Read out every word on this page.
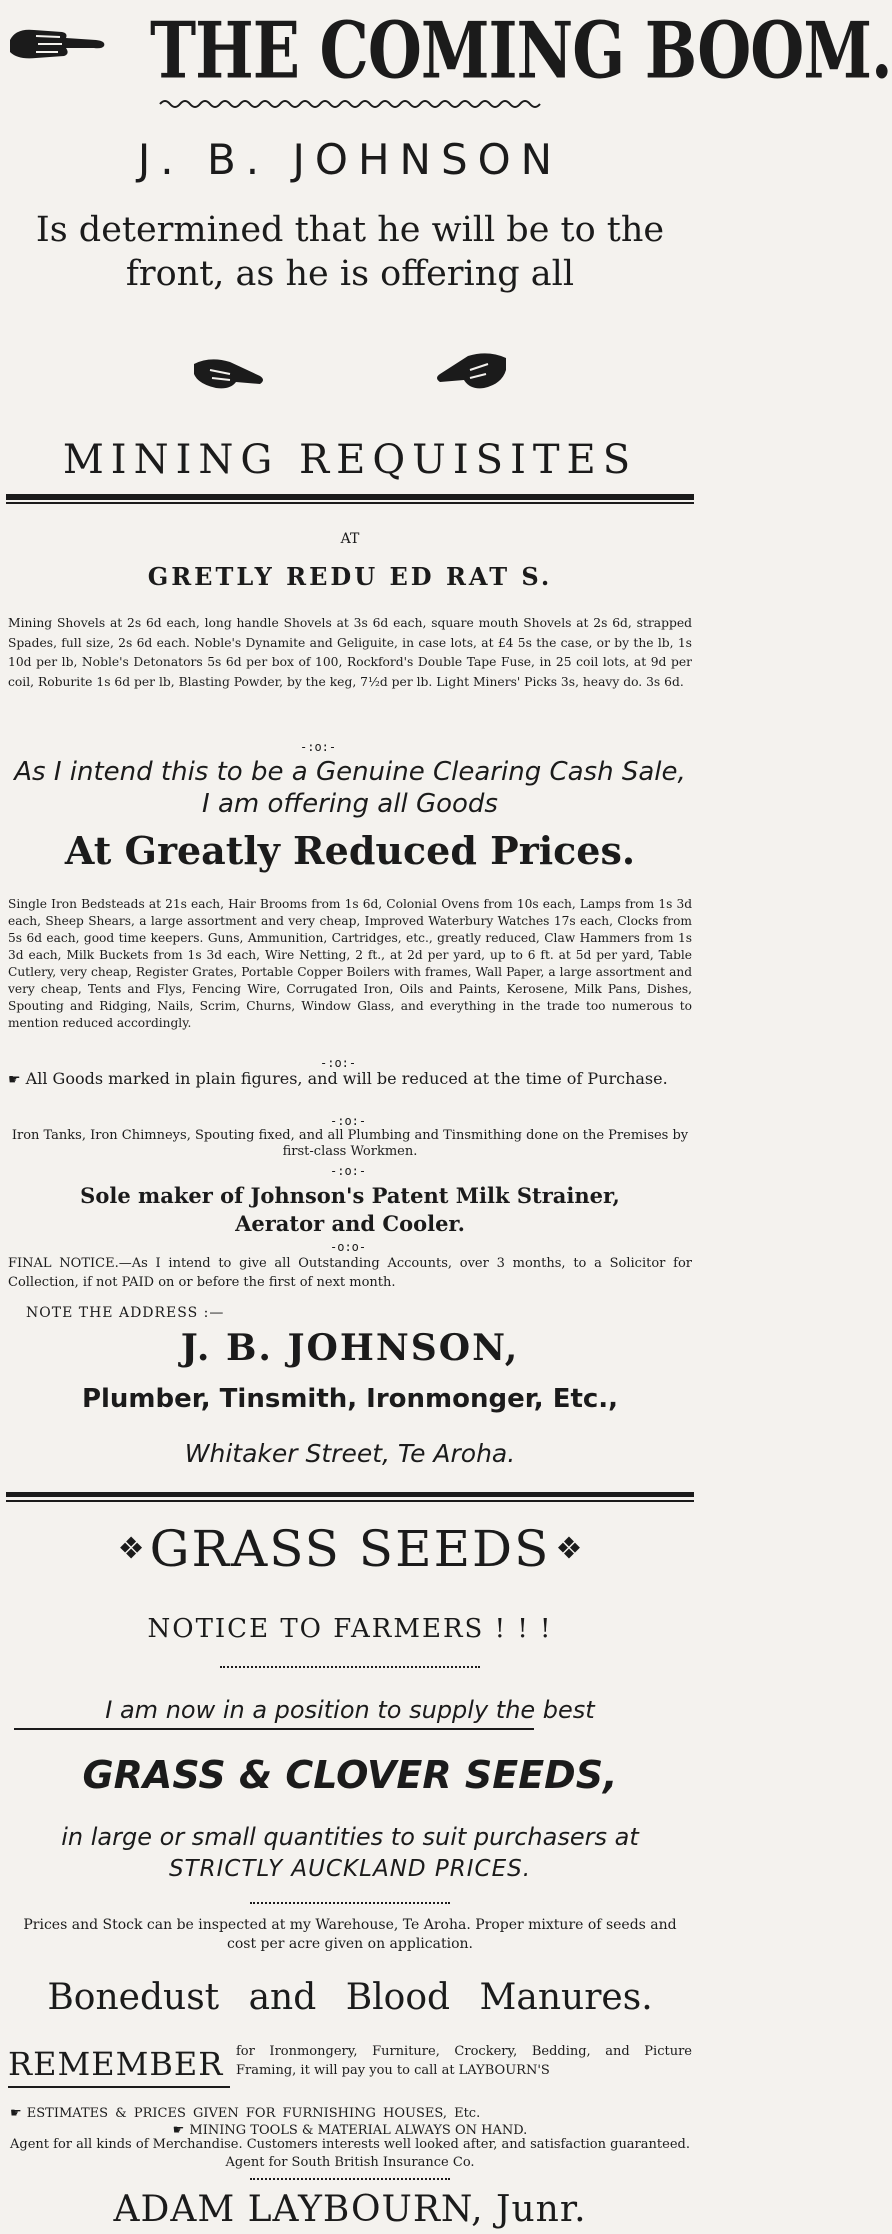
THE COMING BOOM.
J. B. JOHNSON
Is determined that he will be to the front, as he is offering all
MINING REQUISITES
AT
GRETLY REDU ED RAT S.
Mining Shovels at 2s 6d each, long handle Shovels at 3s 6d each, square mouth Shovels at 2s 6d, strapped Spades, full size, 2s 6d each. Noble's Dynamite and Geliguite, in case lots, at £4 5s the case, or by the lb, 1s 10d per lb, Noble's Detonators 5s 6d per box of 100, Rockford's Double Tape Fuse, in 25 coil lots, at 9d per coil, Roburite 1s 6d per lb, Blasting Powder, by the keg, 7½d per lb. Light Miners' Picks 3s, heavy do. 3s 6d.
-:o:-
As I intend this to be a Genuine Clearing Cash Sale,
I am offering all Goods
At Greatly Reduced Prices.
Single Iron Bedsteads at 21s each, Hair Brooms from 1s 6d, Colonial Ovens from 10s each, Lamps from 1s 3d each, Sheep Shears, a large assortment and very cheap, Improved Waterbury Watches 17s each, Clocks from 5s 6d each, good time keepers. Guns, Ammunition, Cartridges, etc., greatly reduced, Claw Hammers from 1s 3d each, Milk Buckets from 1s 3d each, Wire Netting, 2 ft., at 2d per yard, up to 6 ft. at 5d per yard, Table Cutlery, very cheap, Register Grates, Portable Copper Boilers with frames, Wall Paper, a large assortment and very cheap, Tents and Flys, Fencing Wire, Corrugated Iron, Oils and Paints, Kerosene, Milk Pans, Dishes, Spouting and Ridging, Nails, Scrim, Churns, Window Glass, and everything in the trade too numerous to mention reduced accordingly.
-:o:-
☛ All Goods marked in plain figures, and will be reduced at the time of Purchase.
-:o:-
Iron Tanks, Iron Chimneys, Spouting fixed, and all Plumbing and Tinsmithing done on the Premises by first-class Workmen.
-:o:-
Sole maker of Johnson's Patent Milk Strainer, Aerator and Cooler.
-o:o-
FINAL NOTICE.—As I intend to give all Outstanding Accounts, over 3 months, to a Solicitor for Collection, if not PAID on or before the first of next month.
NOTE THE ADDRESS :—
J. B. JOHNSON,
Plumber, Tinsmith, Ironmonger, Etc.,
Whitaker Street, Te Aroha.
❖ GRASS SEEDS ❖
NOTICE TO FARMERS ! ! !
I am now in a position to supply the best
GRASS & CLOVER SEEDS,
in large or small quantities to suit purchasers at
STRICTLY AUCKLAND PRICES.
Prices and Stock can be inspected at my Warehouse, Te Aroha. Proper mixture of seeds and cost per acre given on application.
Bonedust and Blood Manures.
REMEMBER for Ironmongery, Furniture, Crockery, Bedding, and Picture Framing, it will pay you to call at LAYBOURN'S
☛ ESTIMATES & PRICES GIVEN FOR FURNISHING HOUSES, Etc.
☛ MINING TOOLS & MATERIAL ALWAYS ON HAND.
Agent for all kinds of Merchandise. Customers interests well looked after, and satisfaction guaranteed. Agent for South British Insurance Co.
ADAM LAYBOURN, Junr.
